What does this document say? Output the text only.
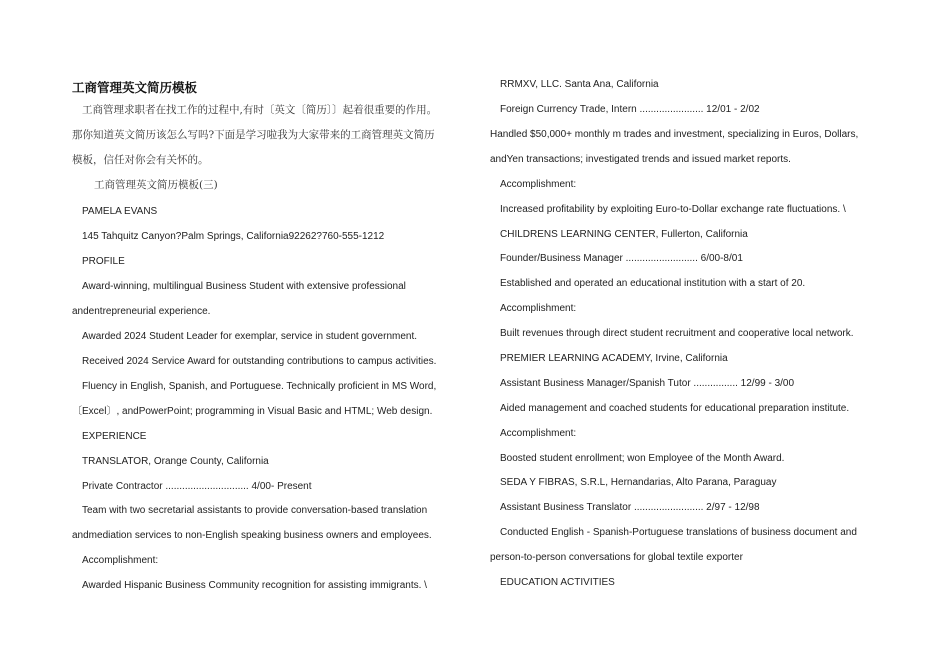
工商管理英文简历模板
工商管理求职者在找工作的过程中,有时〔英文〔简历〕〕起着很重要的作用。
那你知道英文简历该怎么写吗?下面是学习啦我为大家带来的工商管理英文简历
模板，信任对你会有关怀的。
工商管理英文简历模板(三)
PAMELA EVANS
145 Tahquitz Canyon?Palm Springs, California92262?760-555-1212
PROFILE
Award-winning, multilingual Business Student with extensive professional
andentrepreneurial experience.
Awarded 2024 Student Leader for exemplar, service in student government.
Received 2024 Service Award for outstanding contributions to campus activities.
Fluency in English, Spanish, and Portuguese. Technically proficient in MS Word,
〔Excel〕, andPowerPoint; programming in Visual Basic and HTML; Web design.
EXPERIENCE
TRANSLATOR, Orange County, California
Private Contractor .............................. 4/00- Present
Team with two secretarial assistants to provide conversation-based translation
andmediation services to non-English speaking business owners and employees.
Accomplishment:
Awarded Hispanic Business Community recognition for assisting immigrants. \
RRMXV, LLC. Santa Ana, California
Foreign Currency Trade, Intern ....................... 12/01 - 2/02
Handled $50,000+ monthly m trades and investment, specializing in Euros, Dollars,
andYen transactions; investigated trends and issued market reports.
Accomplishment:
Increased profitability by exploiting Euro-to-Dollar exchange rate fluctuations. \
CHILDRENS LEARNING CENTER, Fullerton, California
Founder/Business Manager .......................... 6/00-8/01
Established and operated an educational institution with a start of 20.
Accomplishment:
Built revenues through direct student recruitment and cooperative local network.
PREMIER LEARNING ACADEMY, Irvine, California
Assistant Business Manager/Spanish Tutor ................ 12/99 - 3/00
Aided management and coached students for educational preparation institute.
Accomplishment:
Boosted student enrollment; won Employee of the Month Award.
SEDA Y FIBRAS, S.R.L, Hernandarias, Alto Parana, Paraguay
Assistant Business Translator ......................... 2/97 - 12/98
Conducted English - Spanish-Portuguese translations of business document and
person-to-person conversations for global textile exporter
EDUCATION ACTIVITIES
